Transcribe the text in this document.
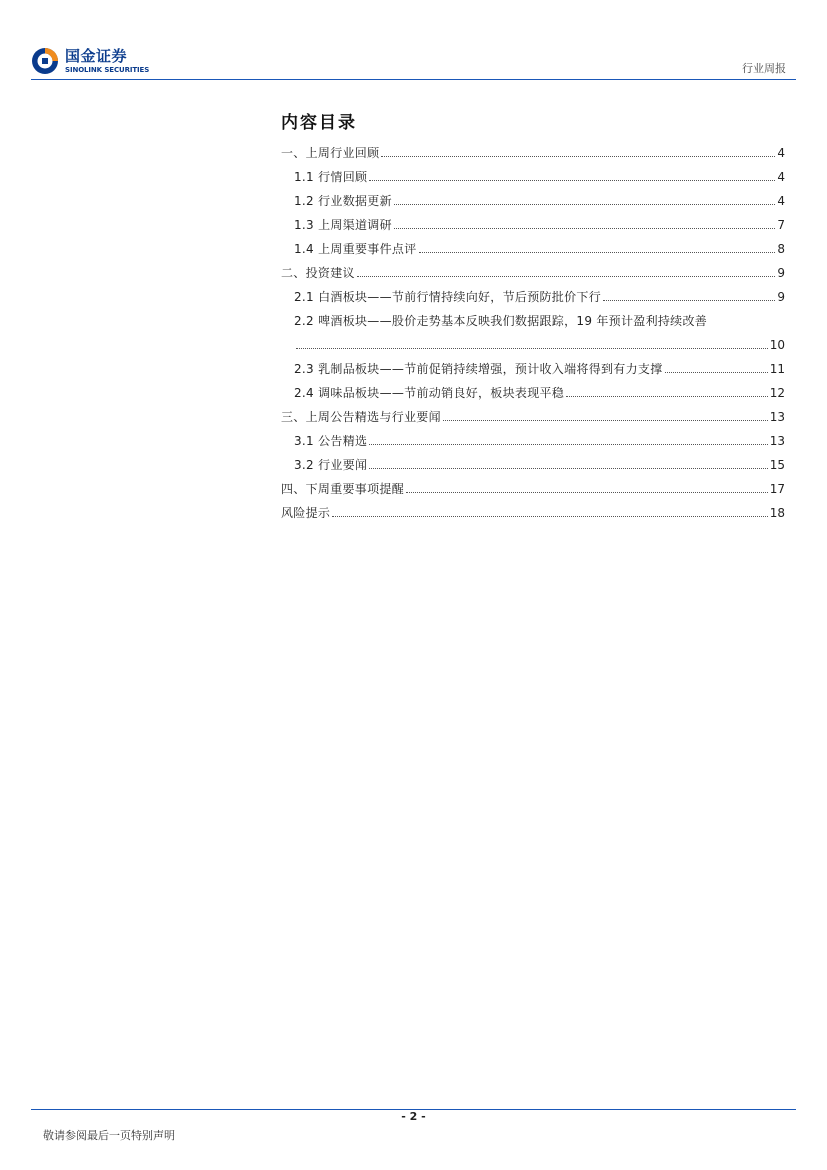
国金证券
SINOLINK SECURITIES	行业周报
内容目录
一、上周行业回顾	4
1.1 行情回顾	4
1.2 行业数据更新	4
1.3 上周渠道调研	7
1.4 上周重要事件点评	8
二、投资建议	9
2.1 白酒板块——节前行情持续向好，节后预防批价下行	9
2.2 啤酒板块——股价走势基本反映我们数据跟踪，19 年预计盈利持续改善
10
2.3 乳制品板块——节前促销持续增强，预计收入端将得到有力支撑	11
2.4 调味品板块——节前动销良好，板块表现平稳	12
三、上周公告精选与行业要闻	13
3.1 公告精选	13
3.2 行业要闻	15
四、下周重要事项提醒	17
风险提示	18
- 2 -
敬请参阅最后一页特别声明
